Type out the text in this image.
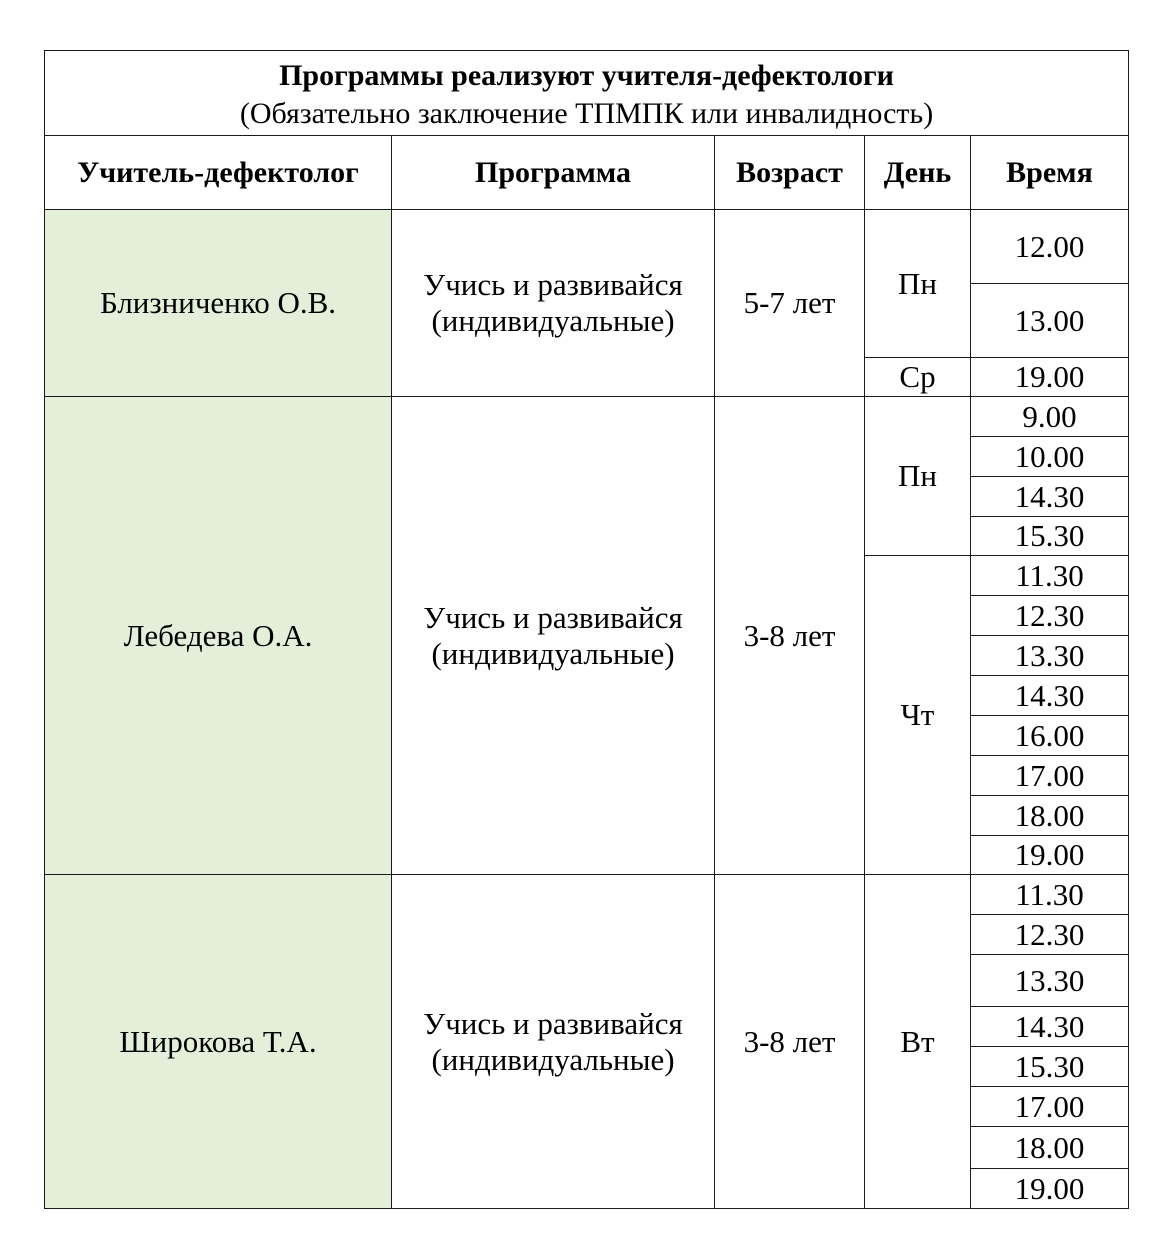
Программы реализуют учителя-дефектологи
(Обязательно заключение ТПМПК или инвалидность)				

Учитель-дефектолог	Программа	Возраст	День	Время
Близниченко О.В.	Учись и развивайся
(индивидуальные)	5-7 лет	Пн	12.00
				13.00
			Ср	19.00
Лебедева О.А.	Учись и развивайся
(индивидуальные)	3-8 лет	Пн	9.00
				10.00
				14.30
				15.30
			Чт	11.30
				12.30
				13.30
				14.30
				16.00
				17.00
				18.00
				19.00
Широкова Т.А.	Учись и развивайся
(индивидуальные)	3-8 лет	Вт	11.30
				12.30
				13.30
				14.30
				15.30
				17.00
				18.00
				19.00
